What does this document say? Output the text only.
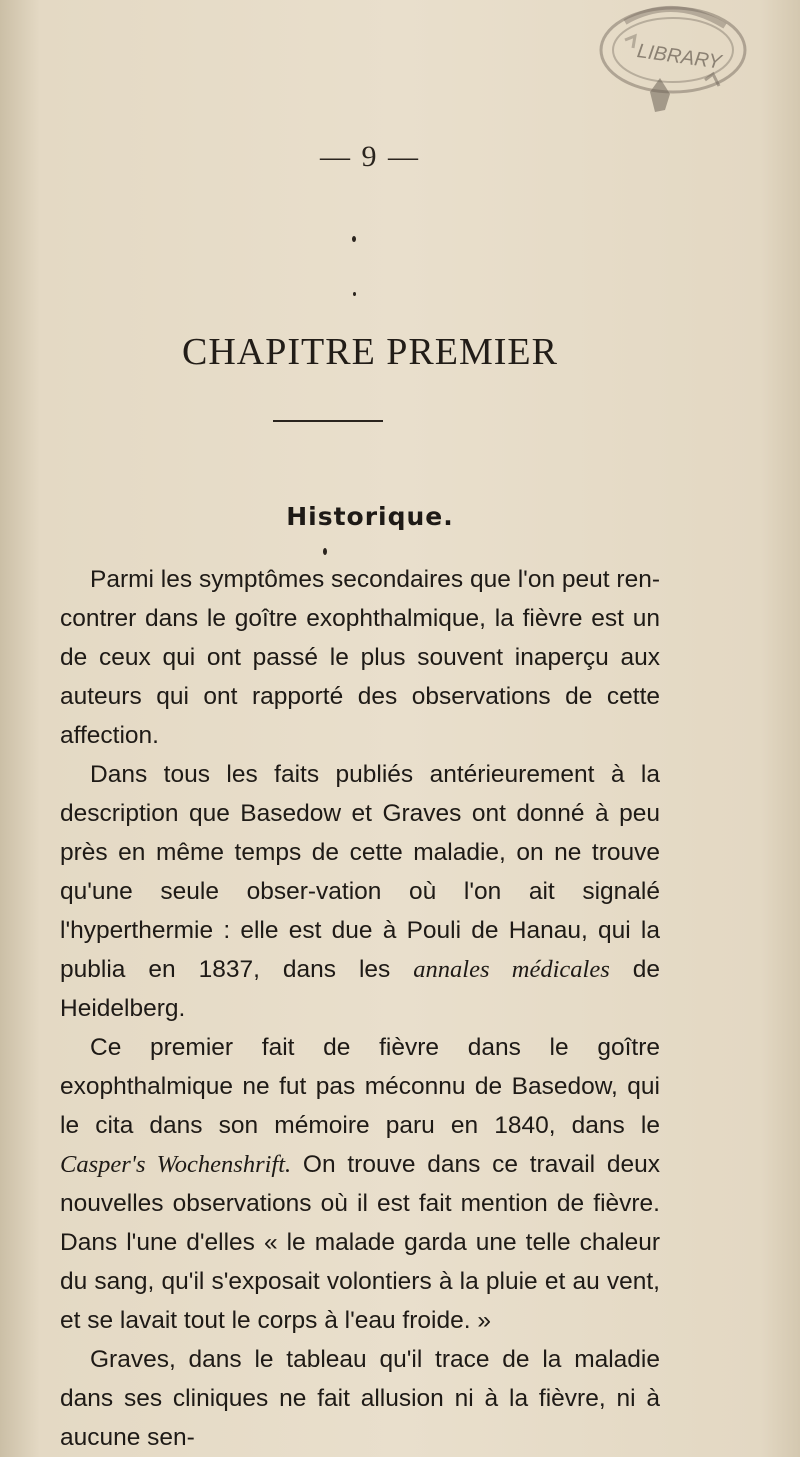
LIBRARY
— 9 —
CHAPITRE PREMIER
Historique.

Parmi les symptômes secondaires que l'on peut ren-contrer dans le goître exophthalmique, la fièvre est un de ceux qui ont passé le plus souvent inaperçu aux auteurs qui ont rapporté des observations de cette affection.

Dans tous les faits publiés antérieurement à la description que Basedow et Graves ont donné à peu près en même temps de cette maladie, on ne trouve qu'une seule obser-vation où l'on ait signalé l'hyperthermie : elle est due à Pouli de Hanau, qui la publia en 1837, dans les annales médicales de Heidelberg.

Ce premier fait de fièvre dans le goître exophthalmique ne fut pas méconnu de Basedow, qui le cita dans son mémoire paru en 1840, dans le Casper's Wochenshrift. On trouve dans ce travail deux nouvelles observations où il est fait mention de fièvre. Dans l'une d'elles « le malade garda une telle chaleur du sang, qu'il s'exposait volontiers à la pluie et au vent, et se lavait tout le corps à l'eau froide. »

Graves, dans le tableau qu'il trace de la maladie dans ses cliniques ne fait allusion ni à la fièvre, ni à aucune sen-
